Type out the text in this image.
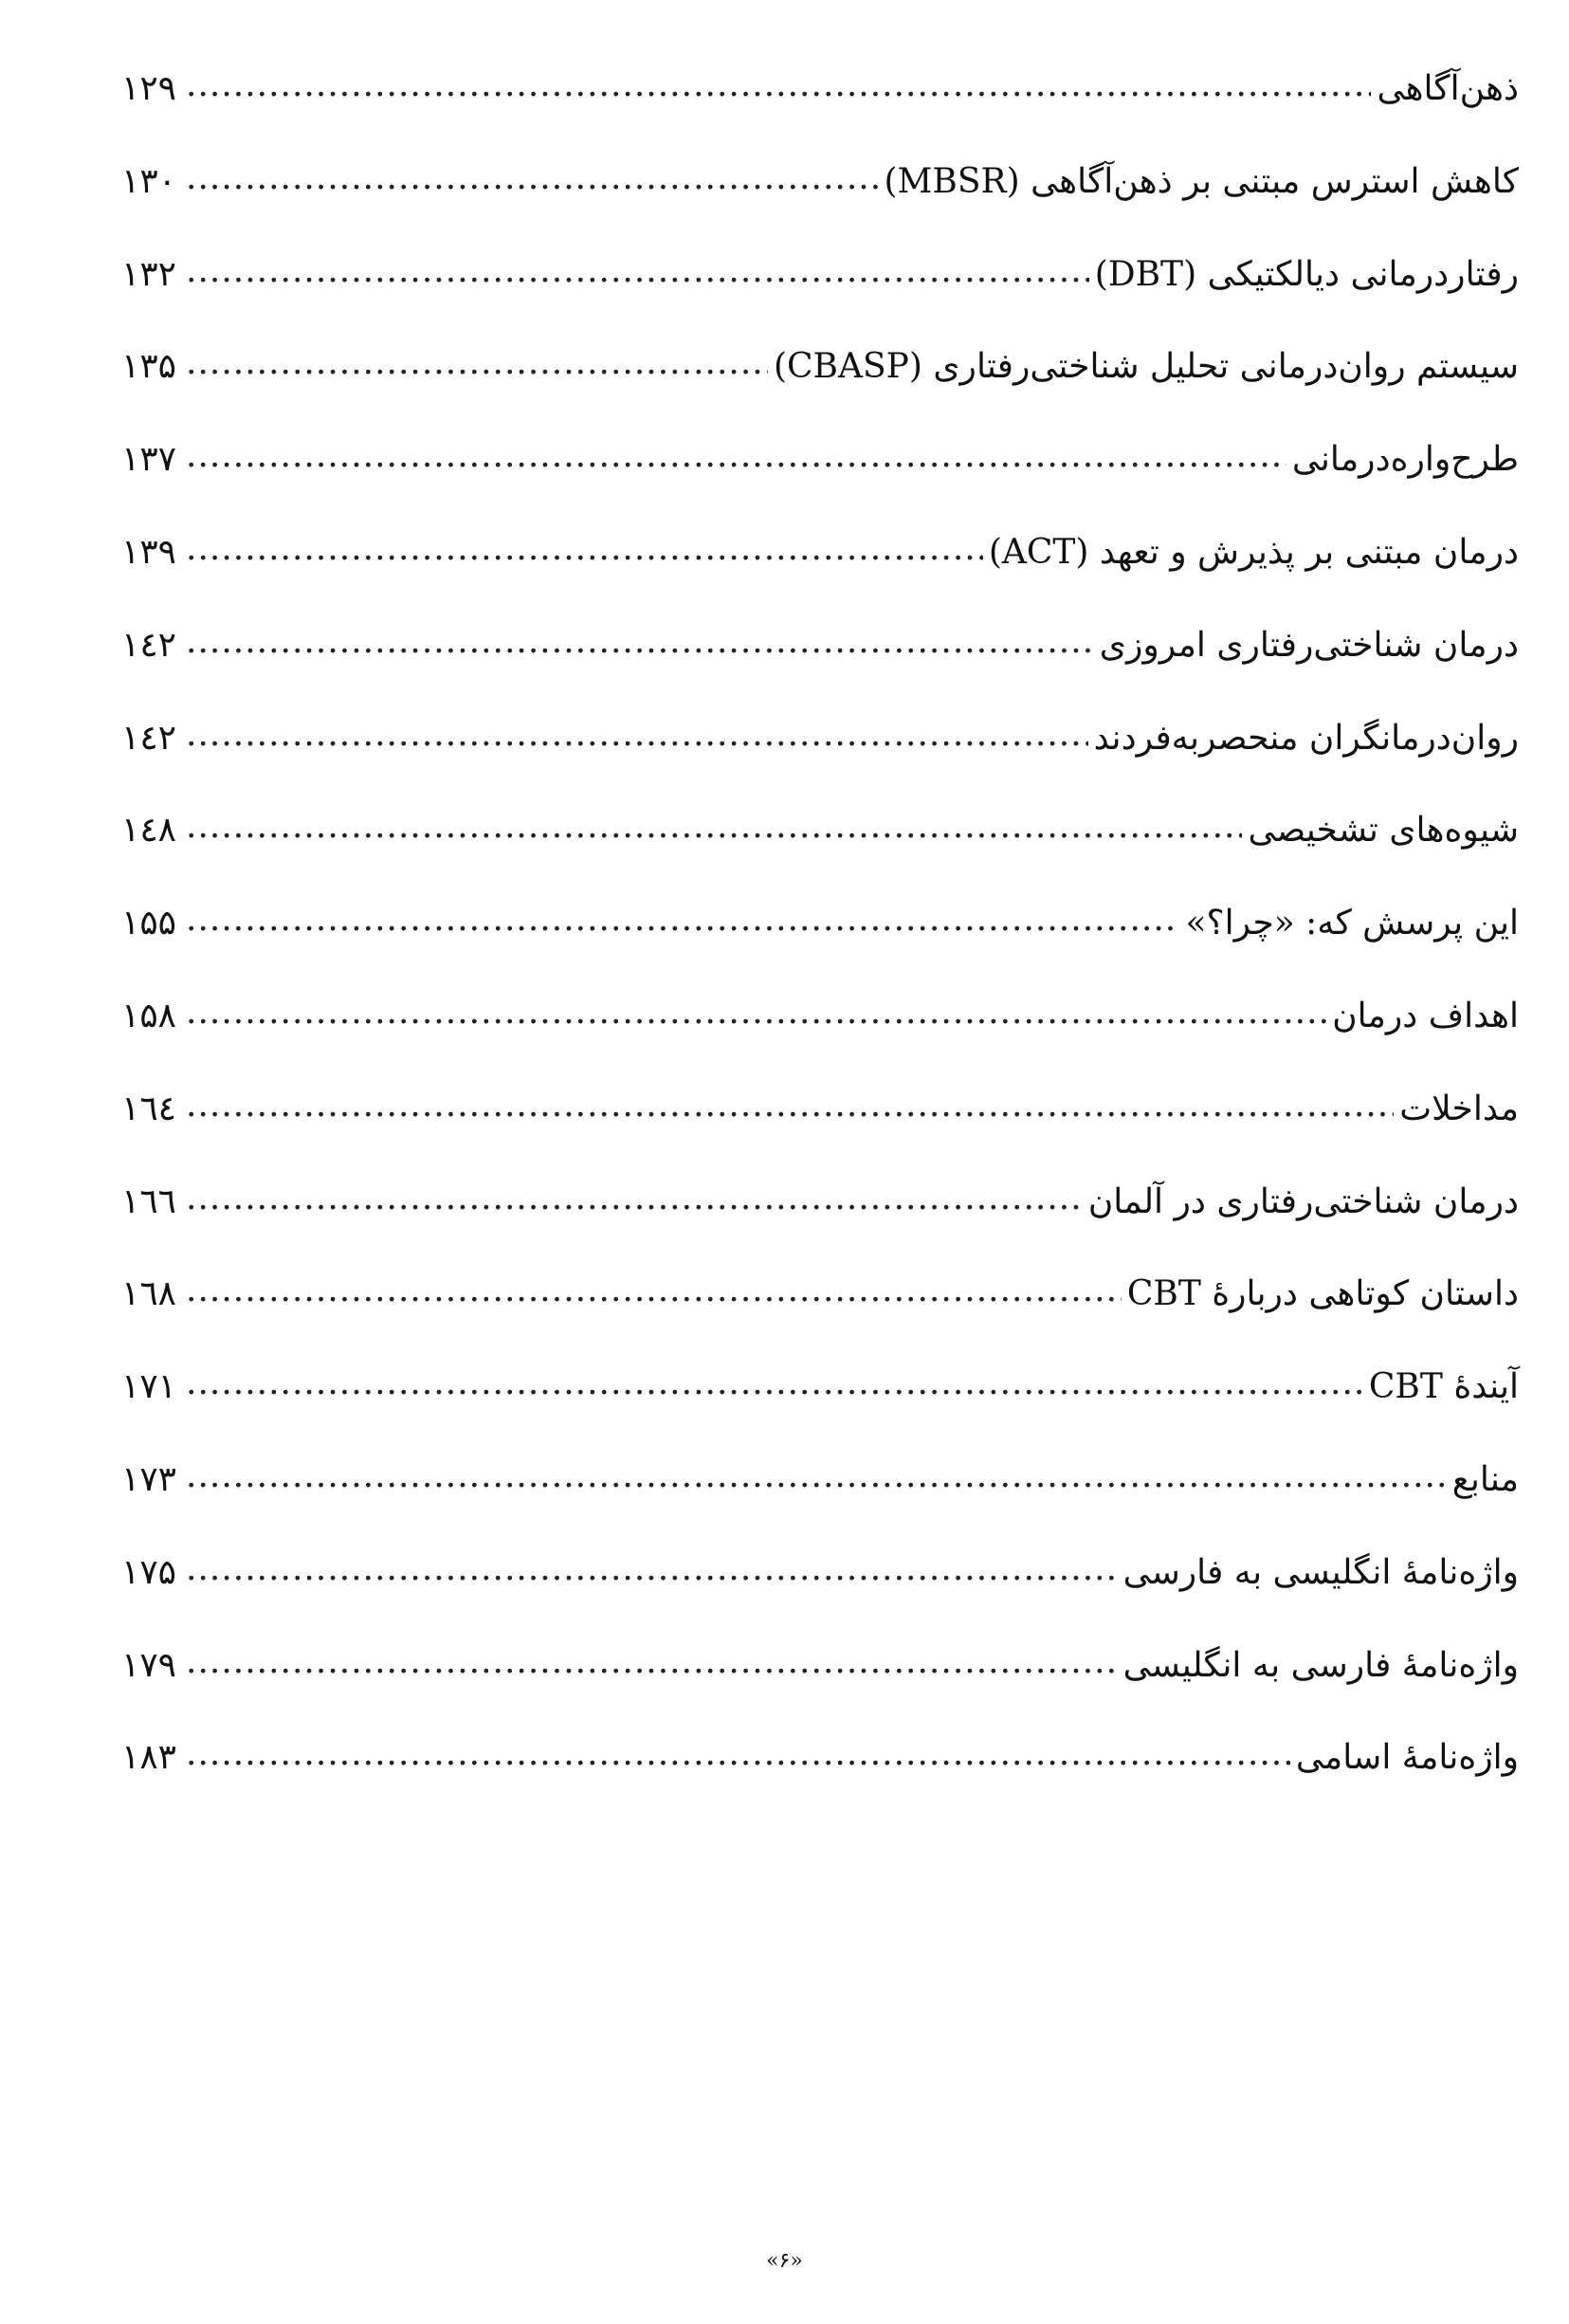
ذهن‌آگاهی
.....
۱۲۹
کاهش استرس مبتنی بر ذهن‌آگاهی (MBSR)
.....
۱۳۰
رفتاردرمانی دیالکتیکی (DBT)
.....
۱۳۲
سیستم روان‌درمانی تحلیل شناختی‌رفتاری (CBASP)
.....
۱۳۵
طرح‌واره‌درمانی
.....
۱۳۷
درمان مبتنی بر پذیرش و تعهد (ACT)
.....
۱۳۹
درمان شناختی‌رفتاری امروزی
.....
۱٤۲
روان‌درمانگران منحصربه‌فردند
.....
۱٤۲
شیوه‌های تشخیصی
.....
۱٤۸
این پرسش که: «چرا؟»
.....
۱۵۵
اهداف درمان
.....
۱۵۸
مداخلات
.....
۱٦٤
درمان شناختی‌رفتاری در آلمان
.....
۱٦٦
داستان کوتاهی دربارهٔ CBT
.....
۱٦۸
آیندهٔ CBT
.....
۱۷۱
منابع
.....
۱۷۳
واژه‌نامهٔ انگلیسی به فارسی
.....
۱۷۵
واژه‌نامهٔ فارسی به انگلیسی
.....
۱۷۹
واژه‌نامهٔ اسامی
.....
۱۸۳
«۶»
